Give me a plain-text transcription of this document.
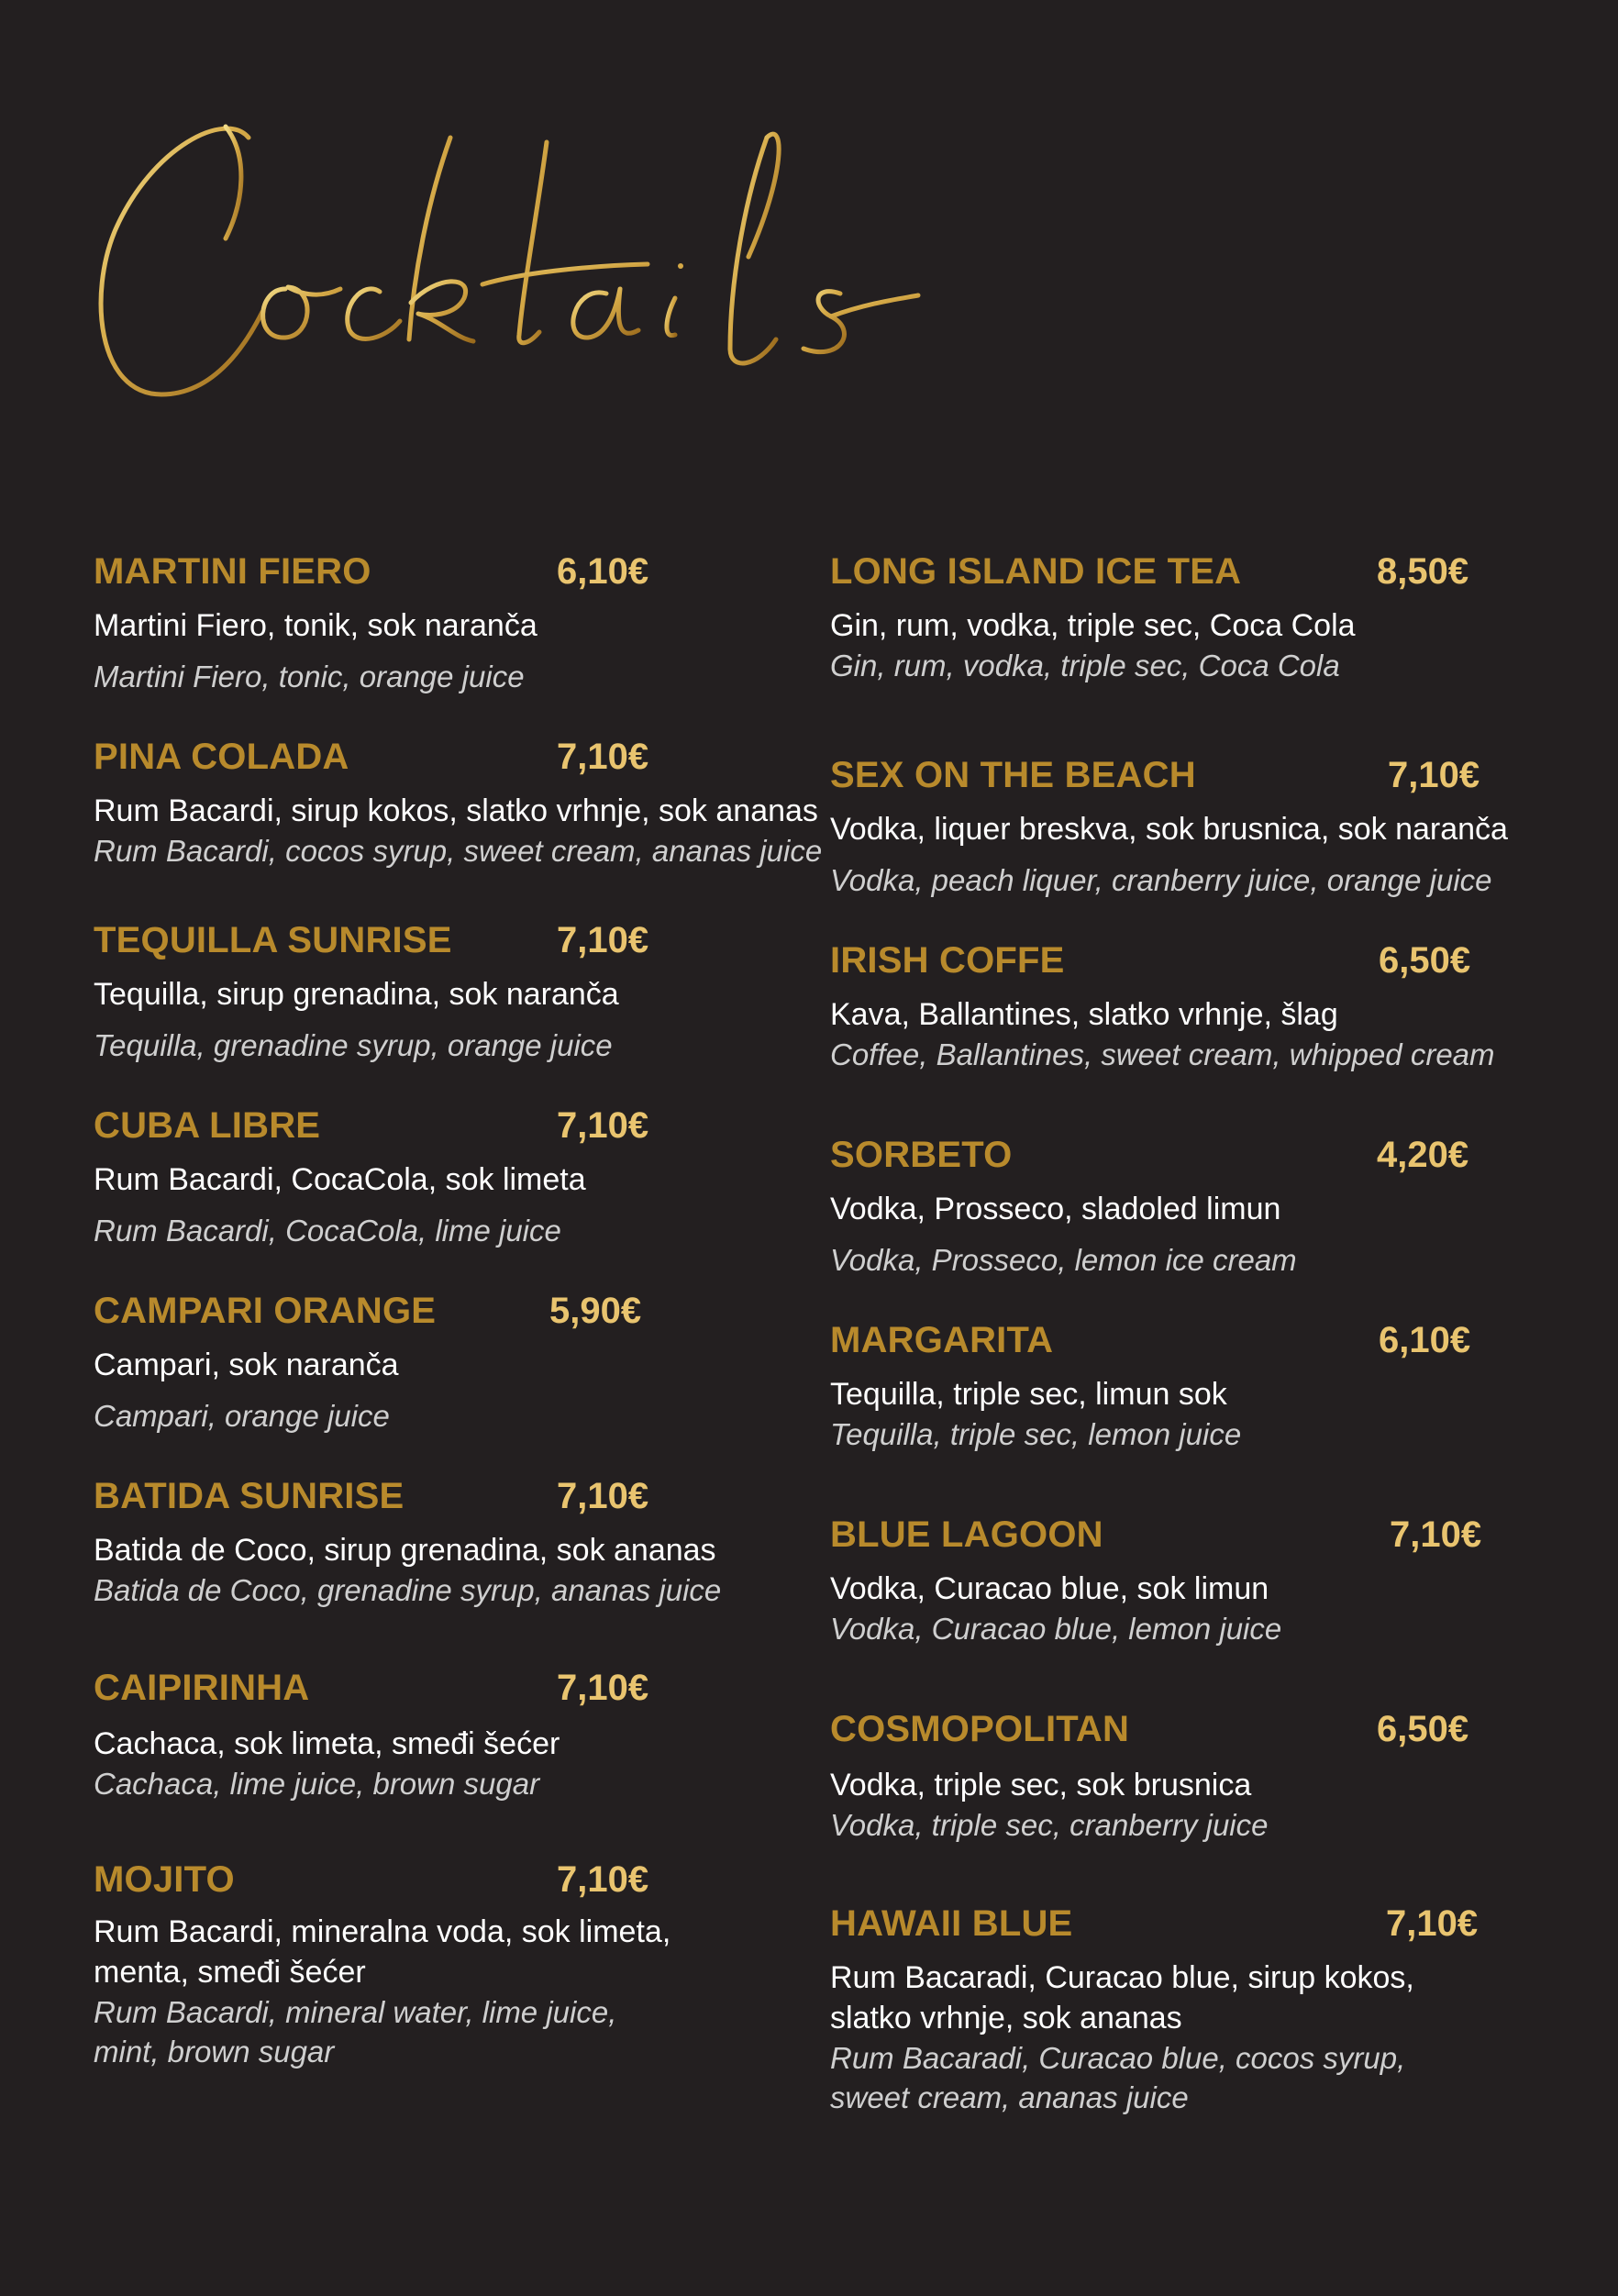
MARTINI FIERO	6,10€
Martini Fiero, tonik, sok naranča
Martini Fiero, tonic, orange juice
PINA COLADA	7,10€
Rum Bacardi, sirup kokos, slatko vrhnje, sok ananas
Rum Bacardi, cocos syrup, sweet cream, ananas juice
TEQUILLA SUNRISE	7,10€
Tequilla, sirup grenadina, sok naranča
Tequilla, grenadine syrup, orange juice
CUBA LIBRE	7,10€
Rum Bacardi, CocaCola, sok limeta
Rum Bacardi, CocaCola, lime juice
CAMPARI ORANGE	5,90€
Campari, sok naranča
Campari, orange juice
BATIDA SUNRISE	7,10€
Batida de Coco, sirup grenadina, sok ananas
Batida de Coco, grenadine syrup, ananas juice
CAIPIRINHA	7,10€
Cachaca, sok limeta, smeđi šećer
Cachaca, lime juice, brown sugar
MOJITO	7,10€
Rum Bacardi, mineralna voda, sok limeta,
menta, smeđi šećer
Rum Bacardi, mineral water, lime juice,
mint, brown sugar
LONG ISLAND ICE TEA	8,50€
Gin, rum, vodka, triple sec, Coca Cola
Gin, rum, vodka, triple sec, Coca Cola
SEX ON THE BEACH	7,10€
Vodka, liquer breskva, sok brusnica, sok naranča
Vodka, peach liquer, cranberry juice, orange juice
IRISH COFFE	6,50€
Kava, Ballantines, slatko vrhnje, šlag
Coffee, Ballantines, sweet cream, whipped cream
SORBETO	4,20€
Vodka, Prosseco, sladoled limun
Vodka, Prosseco, lemon ice cream
MARGARITA	6,10€
Tequilla, triple sec, limun sok
Tequilla, triple sec, lemon juice
BLUE LAGOON	7,10€
Vodka, Curacao blue, sok limun
Vodka, Curacao blue, lemon juice
COSMOPOLITAN	6,50€
Vodka, triple sec, sok brusnica
Vodka, triple sec, cranberry juice
HAWAII BLUE	7,10€
Rum Bacaradi, Curacao blue, sirup kokos,
slatko vrhnje, sok ananas
Rum Bacaradi, Curacao blue, cocos syrup,
sweet cream, ananas juice
